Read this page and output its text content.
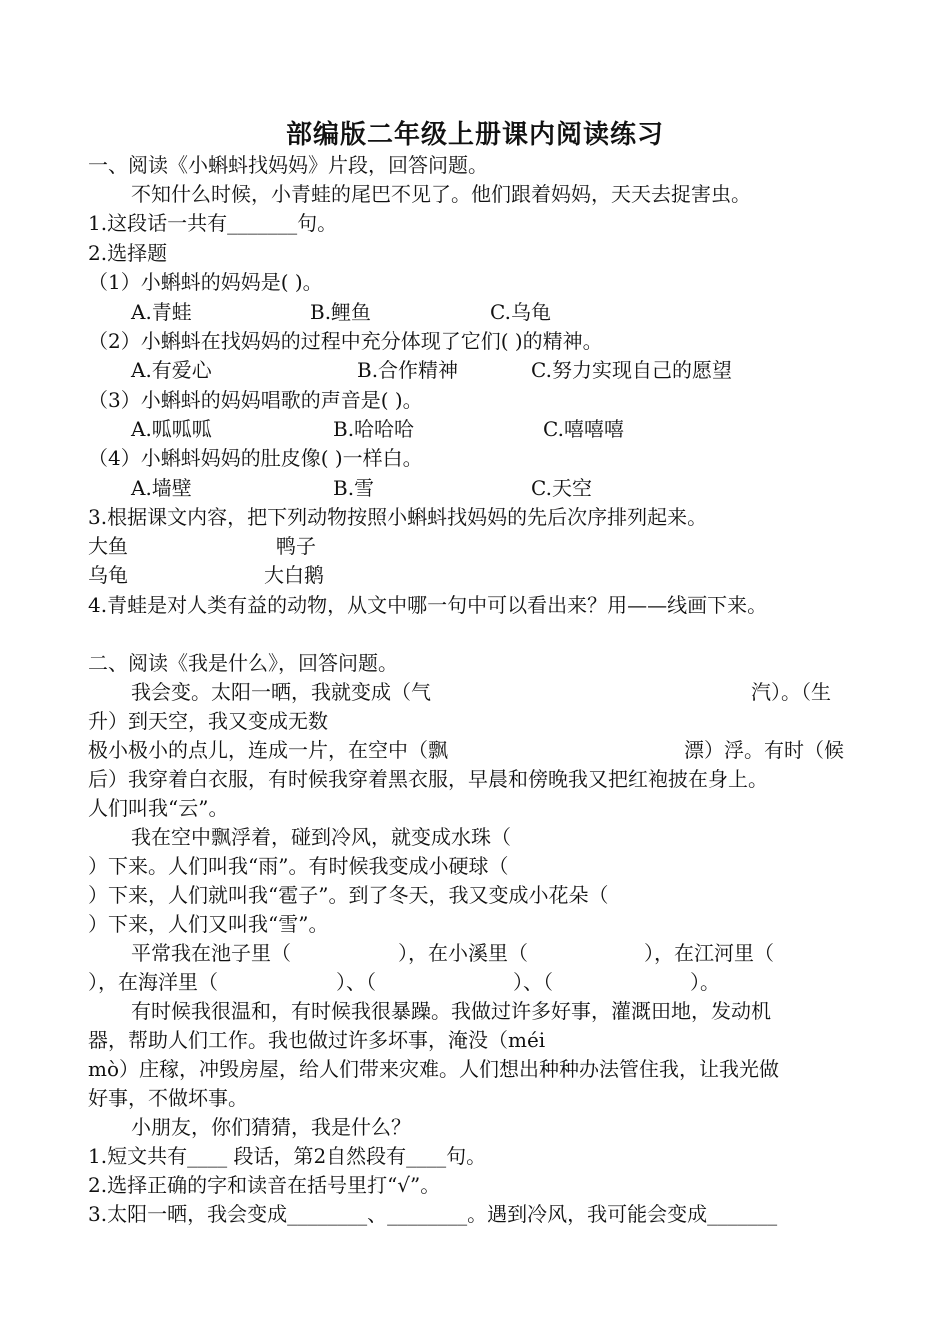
部编版二年级上册课内阅读练习
一、阅读《小蝌蚪找妈妈》片段，回答问题。
不知什么时候，小青蛙的尾巴不见了。他们跟着妈妈，天天去捉害虫。
1.这段话一共有_______句。
2.选择题
（1）小蝌蚪的妈妈是( )。
A.青蛙	B.鲤鱼	C.乌龟
（2）小蝌蚪在找妈妈的过程中充分体现了它们( )的精神。
A.有爱心	B.合作精神	C.努力实现自己的愿望
（3）小蝌蚪的妈妈唱歌的声音是( )。
A.呱呱呱	B.哈哈哈	C.嘻嘻嘻
（4）小蝌蚪妈妈的肚皮像( )一样白。
A.墙壁	B.雪	C.天空
3.根据课文内容，把下列动物按照小蝌蚪找妈妈的先后次序排列起来。
大鱼	鸭子
乌龟	大白鹅
4.青蛙是对人类有益的动物，从文中哪一句中可以看出来？用——线画下来。
二、阅读《我是什么》，回答问题。
我会变。太阳一晒，我就变成（气	汽）。（生
升）到天空，我又变成无数
极小极小的点儿，连成一片，在空中（飘	漂）浮。有时（候
后）我穿着白衣服，有时候我穿着黑衣服，早晨和傍晚我又把红袍披在身上。
人们叫我“云”。
我在空中飘浮着，碰到冷风，就变成水珠（
）下来。人们叫我“雨”。有时候我变成小硬球（
）下来，人们就叫我“雹子”。到了冬天，我又变成小花朵（
）下来，人们又叫我“雪”。
平常我在池子里（	），在小溪里（	），在江河里（
），在海洋里（	）、（	）、（	）。
有时候我很温和，有时候我很暴躁。我做过许多好事，灌溉田地，发动机
器，帮助人们工作。我也做过许多坏事，淹没（méi
mò）庄稼，冲毁房屋，给人们带来灾难。人们想出种种办法管住我，让我光做
好事，不做坏事。
小朋友，你们猜猜，我是什么？
1.短文共有____ 段话，第2自然段有____句。
2.选择正确的字和读音在括号里打“√”。
3.太阳一晒，我会变成________、________。遇到冷风，我可能会变成_______
